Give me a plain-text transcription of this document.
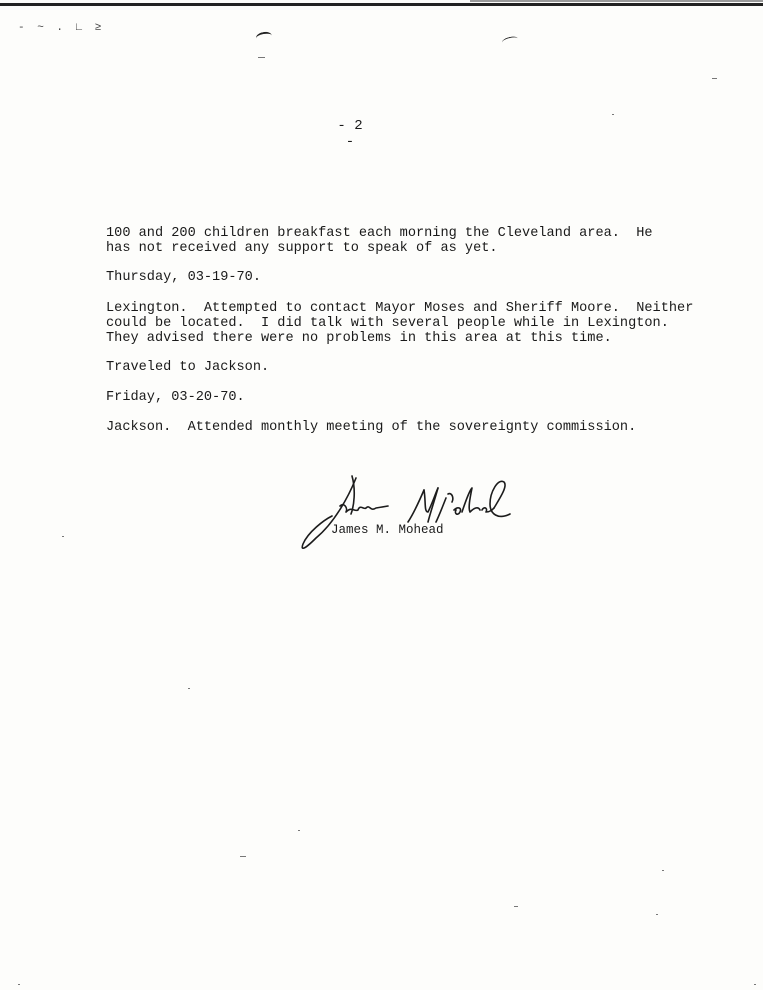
- ~ . ∟ ≥
- 2 -
100 and 200 children breakfast each morning the Cleveland area.  He
has not received any support to speak of as yet.
Thursday, 03-19-70.
Lexington.  Attempted to contact Mayor Moses and Sheriff Moore.  Neither
could be located.  I did talk with several people while in Lexington.
They advised there were no problems in this area at this time.
Traveled to Jackson.
Friday, 03-20-70.
Jackson.  Attended monthly meeting of the sovereignty commission.
James M. Mohead
